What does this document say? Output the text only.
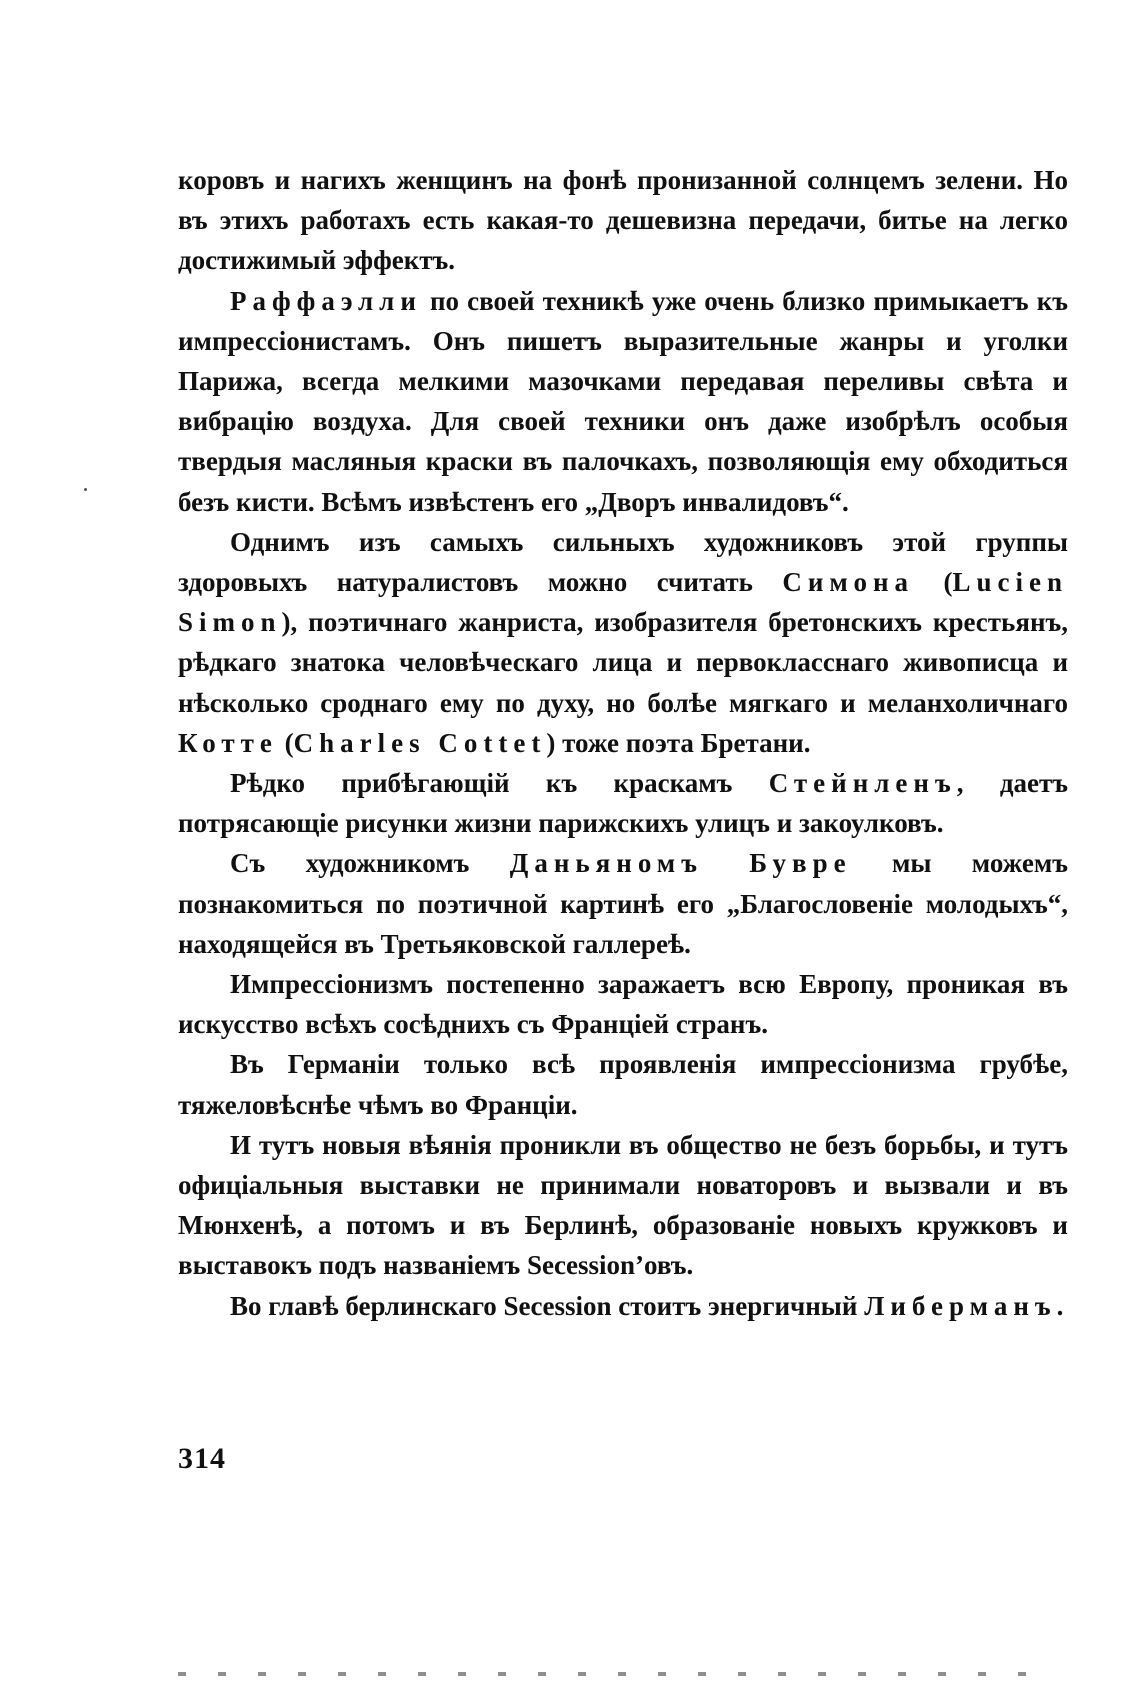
коровъ и нагихъ женщинъ на фонѣ пронизанной солнцемъ зелени. Но въ этихъ работахъ есть какая-то дешевизна передачи, битье на легко достижимый эффектъ.

Раффаэлли по своей техникѣ уже очень близко примыкаетъ къ импрессіонистамъ. Онъ пишетъ выразительные жанры и уголки Парижа, всегда мелкими мазочками передавая переливы свѣта и вибрацію воздуха. Для своей техники онъ даже изобрѣлъ особыя твердыя масляныя краски въ палочкахъ, позволяющія ему обходиться безъ кисти. Всѣмъ извѣстенъ его „Дворъ инвалидовъ“.

Однимъ изъ самыхъ сильныхъ художниковъ этой группы здоровыхъ натуралистовъ можно считать Симона (Lucien Simon), поэтичнаго жанриста, изобразителя бретонскихъ крестьянъ, рѣдкаго знатока человѣческаго лица и первокласснаго живописца и нѣсколько сроднаго ему по духу, но болѣе мягкаго и меланхоличнаго Котте (Charles Cottet) тоже поэта Бретани.

Рѣдко прибѣгающій къ краскамъ Стейнленъ, даетъ потрясающіе рисунки жизни парижскихъ улицъ и закоулковъ.

Съ художникомъ Даньяномъ Бувре мы можемъ познакомиться по поэтичной картинѣ его „Благословеніе молодыхъ“, находящейся въ Третьяковской галлереѣ.

Импрессіонизмъ постепенно заражаетъ всю Европу, проникая въ искусство всѣхъ сосѣднихъ съ Франціей странъ.

Въ Германіи только всѣ проявленія импрессіонизма грубѣе, тяжеловѣснѣе чѣмъ во Франціи.

И тутъ новыя вѣянія проникли въ общество не безъ борьбы, и тутъ офиціальныя выставки не принимали новаторовъ и вызвали и въ Мюнхенѣ, а потомъ и въ Берлинѣ, образованіе новыхъ кружковъ и выставокъ подъ названіемъ Secession’овъ.

Во главѣ берлинскаго Secession стоитъ энергичный Либерманъ.

314
